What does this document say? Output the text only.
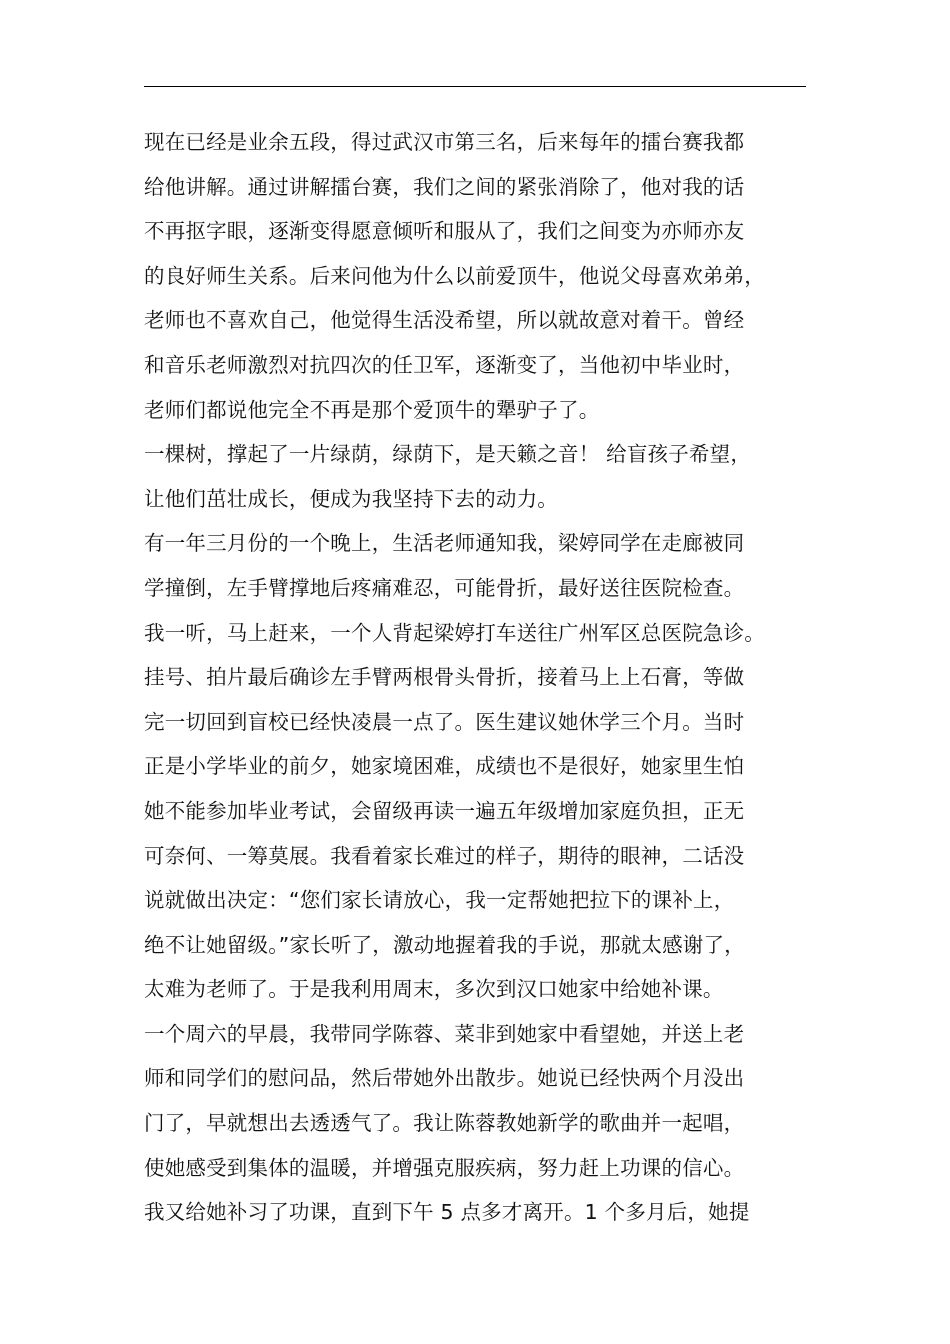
现在已经是业余五段，得过武汉市第三名，后来每年的擂台赛我都
给他讲解。通过讲解擂台赛，我们之间的紧张消除了，他对我的话
不再抠字眼，逐渐变得愿意倾听和服从了，我们之间变为亦师亦友
的良好师生关系。后来问他为什么以前爱顶牛，他说父母喜欢弟弟，
老师也不喜欢自己，他觉得生活没希望，所以就故意对着干。曾经
和音乐老师激烈对抗四次的任卫军，逐渐变了，当他初中毕业时，
老师们都说他完全不再是那个爱顶牛的犟驴子了。
一棵树，撑起了一片绿荫，绿荫下，是天籁之音！ 给盲孩子希望，
让他们茁壮成长，便成为我坚持下去的动力。
有一年三月份的一个晚上，生活老师通知我，梁婷同学在走廊被同
学撞倒，左手臂撑地后疼痛难忍，可能骨折，最好送往医院检查。
我一听，马上赶来，一个人背起梁婷打车送往广州军区总医院急诊。
挂号、拍片最后确诊左手臂两根骨头骨折，接着马上上石膏，等做
完一切回到盲校已经快凌晨一点了。医生建议她休学三个月。当时
正是小学毕业的前夕，她家境困难，成绩也不是很好，她家里生怕
她不能参加毕业考试，会留级再读一遍五年级增加家庭负担，正无
可奈何、一筹莫展。我看着家长难过的样子，期待的眼神，二话没
说就做出决定：“您们家长请放心，我一定帮她把拉下的课补上，
绝不让她留级。”家长听了，激动地握着我的手说，那就太感谢了，
太难为老师了。于是我利用周末，多次到汉口她家中给她补课。
一个周六的早晨，我带同学陈蓉、菜非到她家中看望她，并送上老
师和同学们的慰问品，然后带她外出散步。她说已经快两个月没出
门了，早就想出去透透气了。我让陈蓉教她新学的歌曲并一起唱，
使她感受到集体的温暖，并增强克服疾病，努力赶上功课的信心。
我又给她补习了功课，直到下午 5 点多才离开。1 个多月后，她提
